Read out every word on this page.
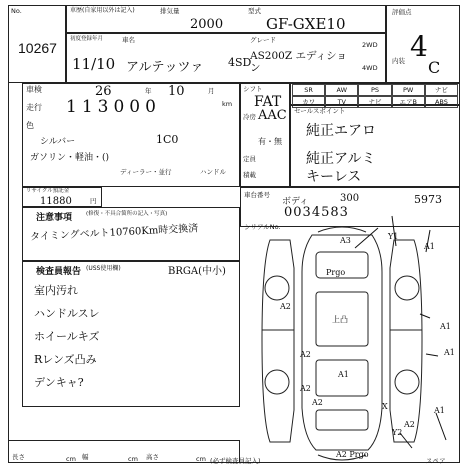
No.
10267
車歴(自家用以外は記入)	排気量
2000
型式
GF-GXE10
評価点
4
初度登録年月
11/10
車名
アルテッツァ 4SD
グレード
AS200Z エディション
2WD
4WD
内装 C
車検	26	年 10	月
走行 113000	km
色
シルバー	1C0
ガソリン・軽油・()
ディーラー・並行	ハンドル
シフト
FAT
冷房 AAC
有・無
定員
積載
SR	AW	PS	PW	ナビ
カワ	TV	ナビ	エアB	ABS
セールスポイント
純正エアロ
純正アルミ
キーレス
リサイクル預託金
11880	円
車台番号
ボディ	300	5973
シリアルNo.
0034583
注意事項	(修復・不具合箇所の記入・写真)
タイミングベルト10760Km時交換済
検査員報告 (USS使用欄)	BRGA(中小)
室内汚れ
ハンドルスレ
ホイールキズ
Rレンズ凸み
デンキャ?
A3	Y1
A1
A1
A1
A2
A1
Y2
A2
A2
A1
A2
A2	X
A2 Prgo
Prgo
上凸
長さ	cm 幅	cm 高さ	cm (必ず検査員記入)	スペア
